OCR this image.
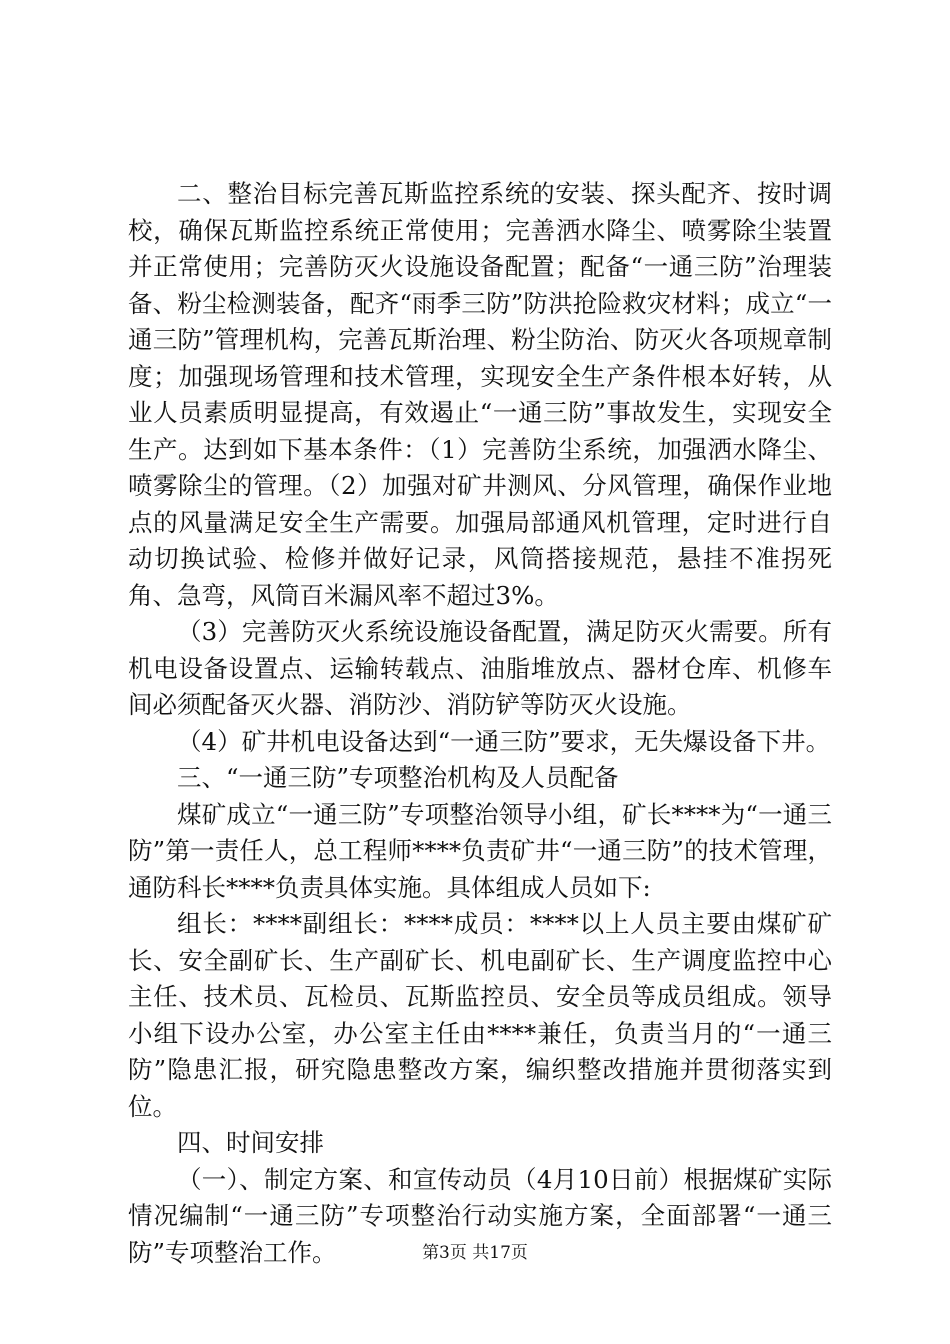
二、整治目标完善瓦斯监控系统的安装、探头配齐、按时调校，确保瓦斯监控系统正常使用；完善洒水降尘、喷雾除尘装置并正常使用；完善防灭火设施设备配置；配备“一通三防”治理装备、粉尘检测装备，配齐“雨季三防”防洪抢险救灾材料；成立“一通三防”管理机构，完善瓦斯治理、粉尘防治、防灭火各项规章制度；加强现场管理和技术管理，实现安全生产条件根本好转，从业人员素质明显提高，有效遏止“一通三防”事故发生，实现安全生产。达到如下基本条件：（1）完善防尘系统，加强洒水降尘、喷雾除尘的管理。（2）加强对矿井测风、分风管理，确保作业地点的风量满足安全生产需要。加强局部通风机管理，定时进行自动切换试验、检修并做好记录，风筒搭接规范，悬挂不准拐死角、急弯，风筒百米漏风率不超过3%。

（3）完善防灭火系统设施设备配置，满足防灭火需要。所有机电设备设置点、运输转载点、油脂堆放点、器材仓库、机修车间必须配备灭火器、消防沙、消防铲等防灭火设施。

（4）矿井机电设备达到“一通三防”要求，无失爆设备下井。

三、“一通三防”专项整治机构及人员配备

煤矿成立“一通三防”专项整治领导小组，矿长****为“一通三防”第一责任人，总工程师****负责矿井“一通三防”的技术管理，通防科长****负责具体实施。具体组成人员如下:

组长：****副组长：****成员：****以上人员主要由煤矿矿长、安全副矿长、生产副矿长、机电副矿长、生产调度监控中心主任、技术员、瓦检员、瓦斯监控员、安全员等成员组成。领导小组下设办公室，办公室主任由****兼任，负责当月的“一通三防”隐患汇报，研究隐患整改方案，编织整改措施并贯彻落实到位。

四、时间安排

（一）、制定方案、和宣传动员（4月10日前）根据煤矿实际情况编制“一通三防”专项整治行动实施方案，全面部署“一通三防”专项整治工作。	第3页 共17页
